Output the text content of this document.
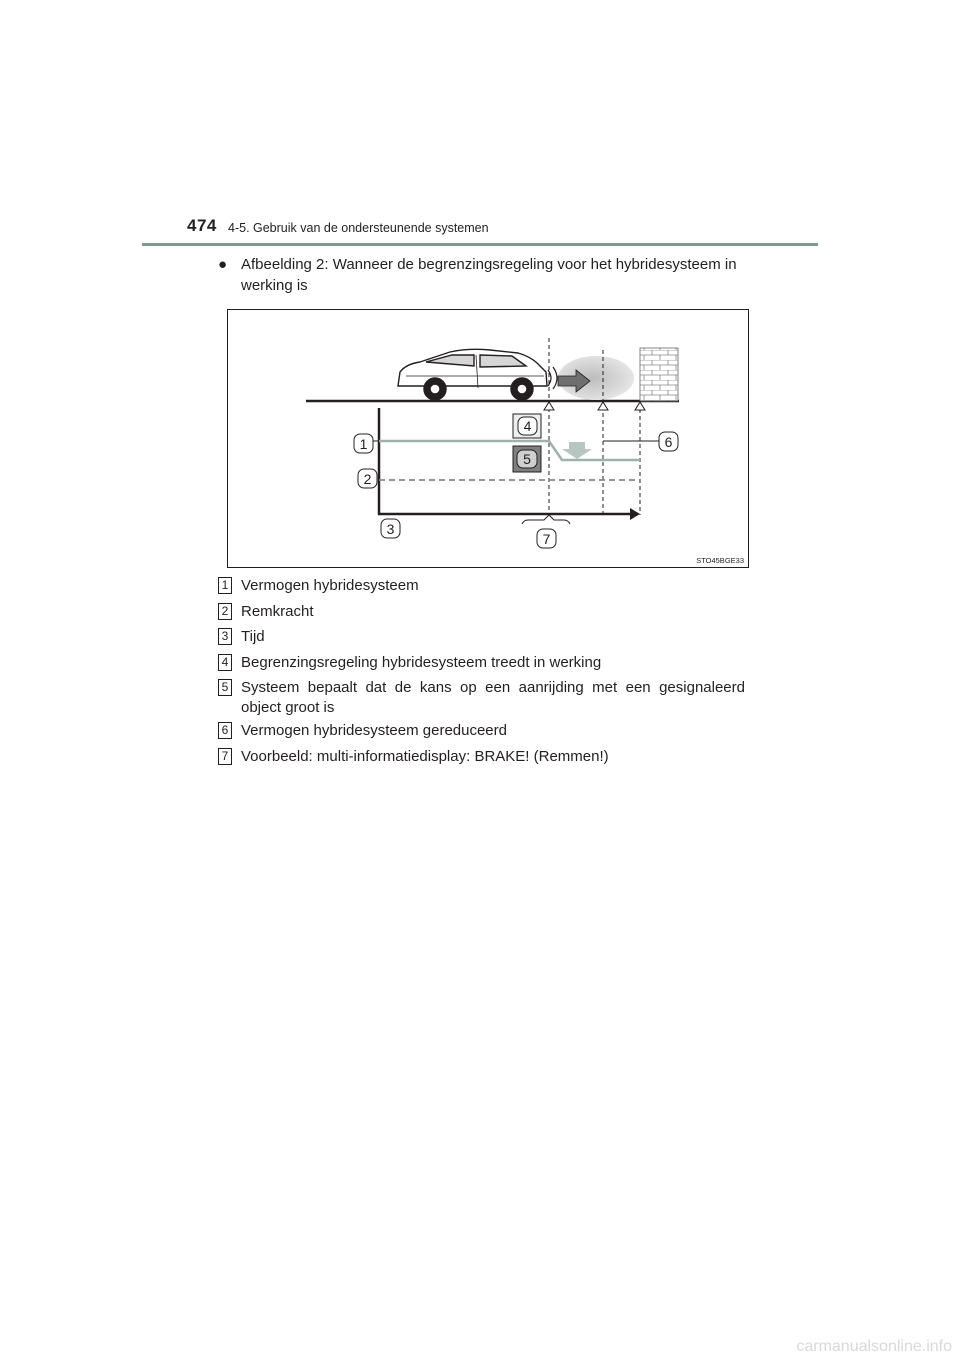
474 4-5. Gebruik van de ondersteunende systemen
● Afbeelding 2: Wanneer de begrenzingsregeling voor het hybridesysteem in werking is
1
2
3
4
5
6
7
STO45BGE33
1 Vermogen hybridesysteem
2 Remkracht
3 Tijd
4 Begrenzingsregeling hybridesysteem treedt in werking
5 Systeem bepaalt dat de kans op een aanrijding met een gesignaleerd object groot is
6 Vermogen hybridesysteem gereduceerd
7 Voorbeeld: multi-informatiedisplay: BRAKE! (Remmen!)
carmanualsonline.info
